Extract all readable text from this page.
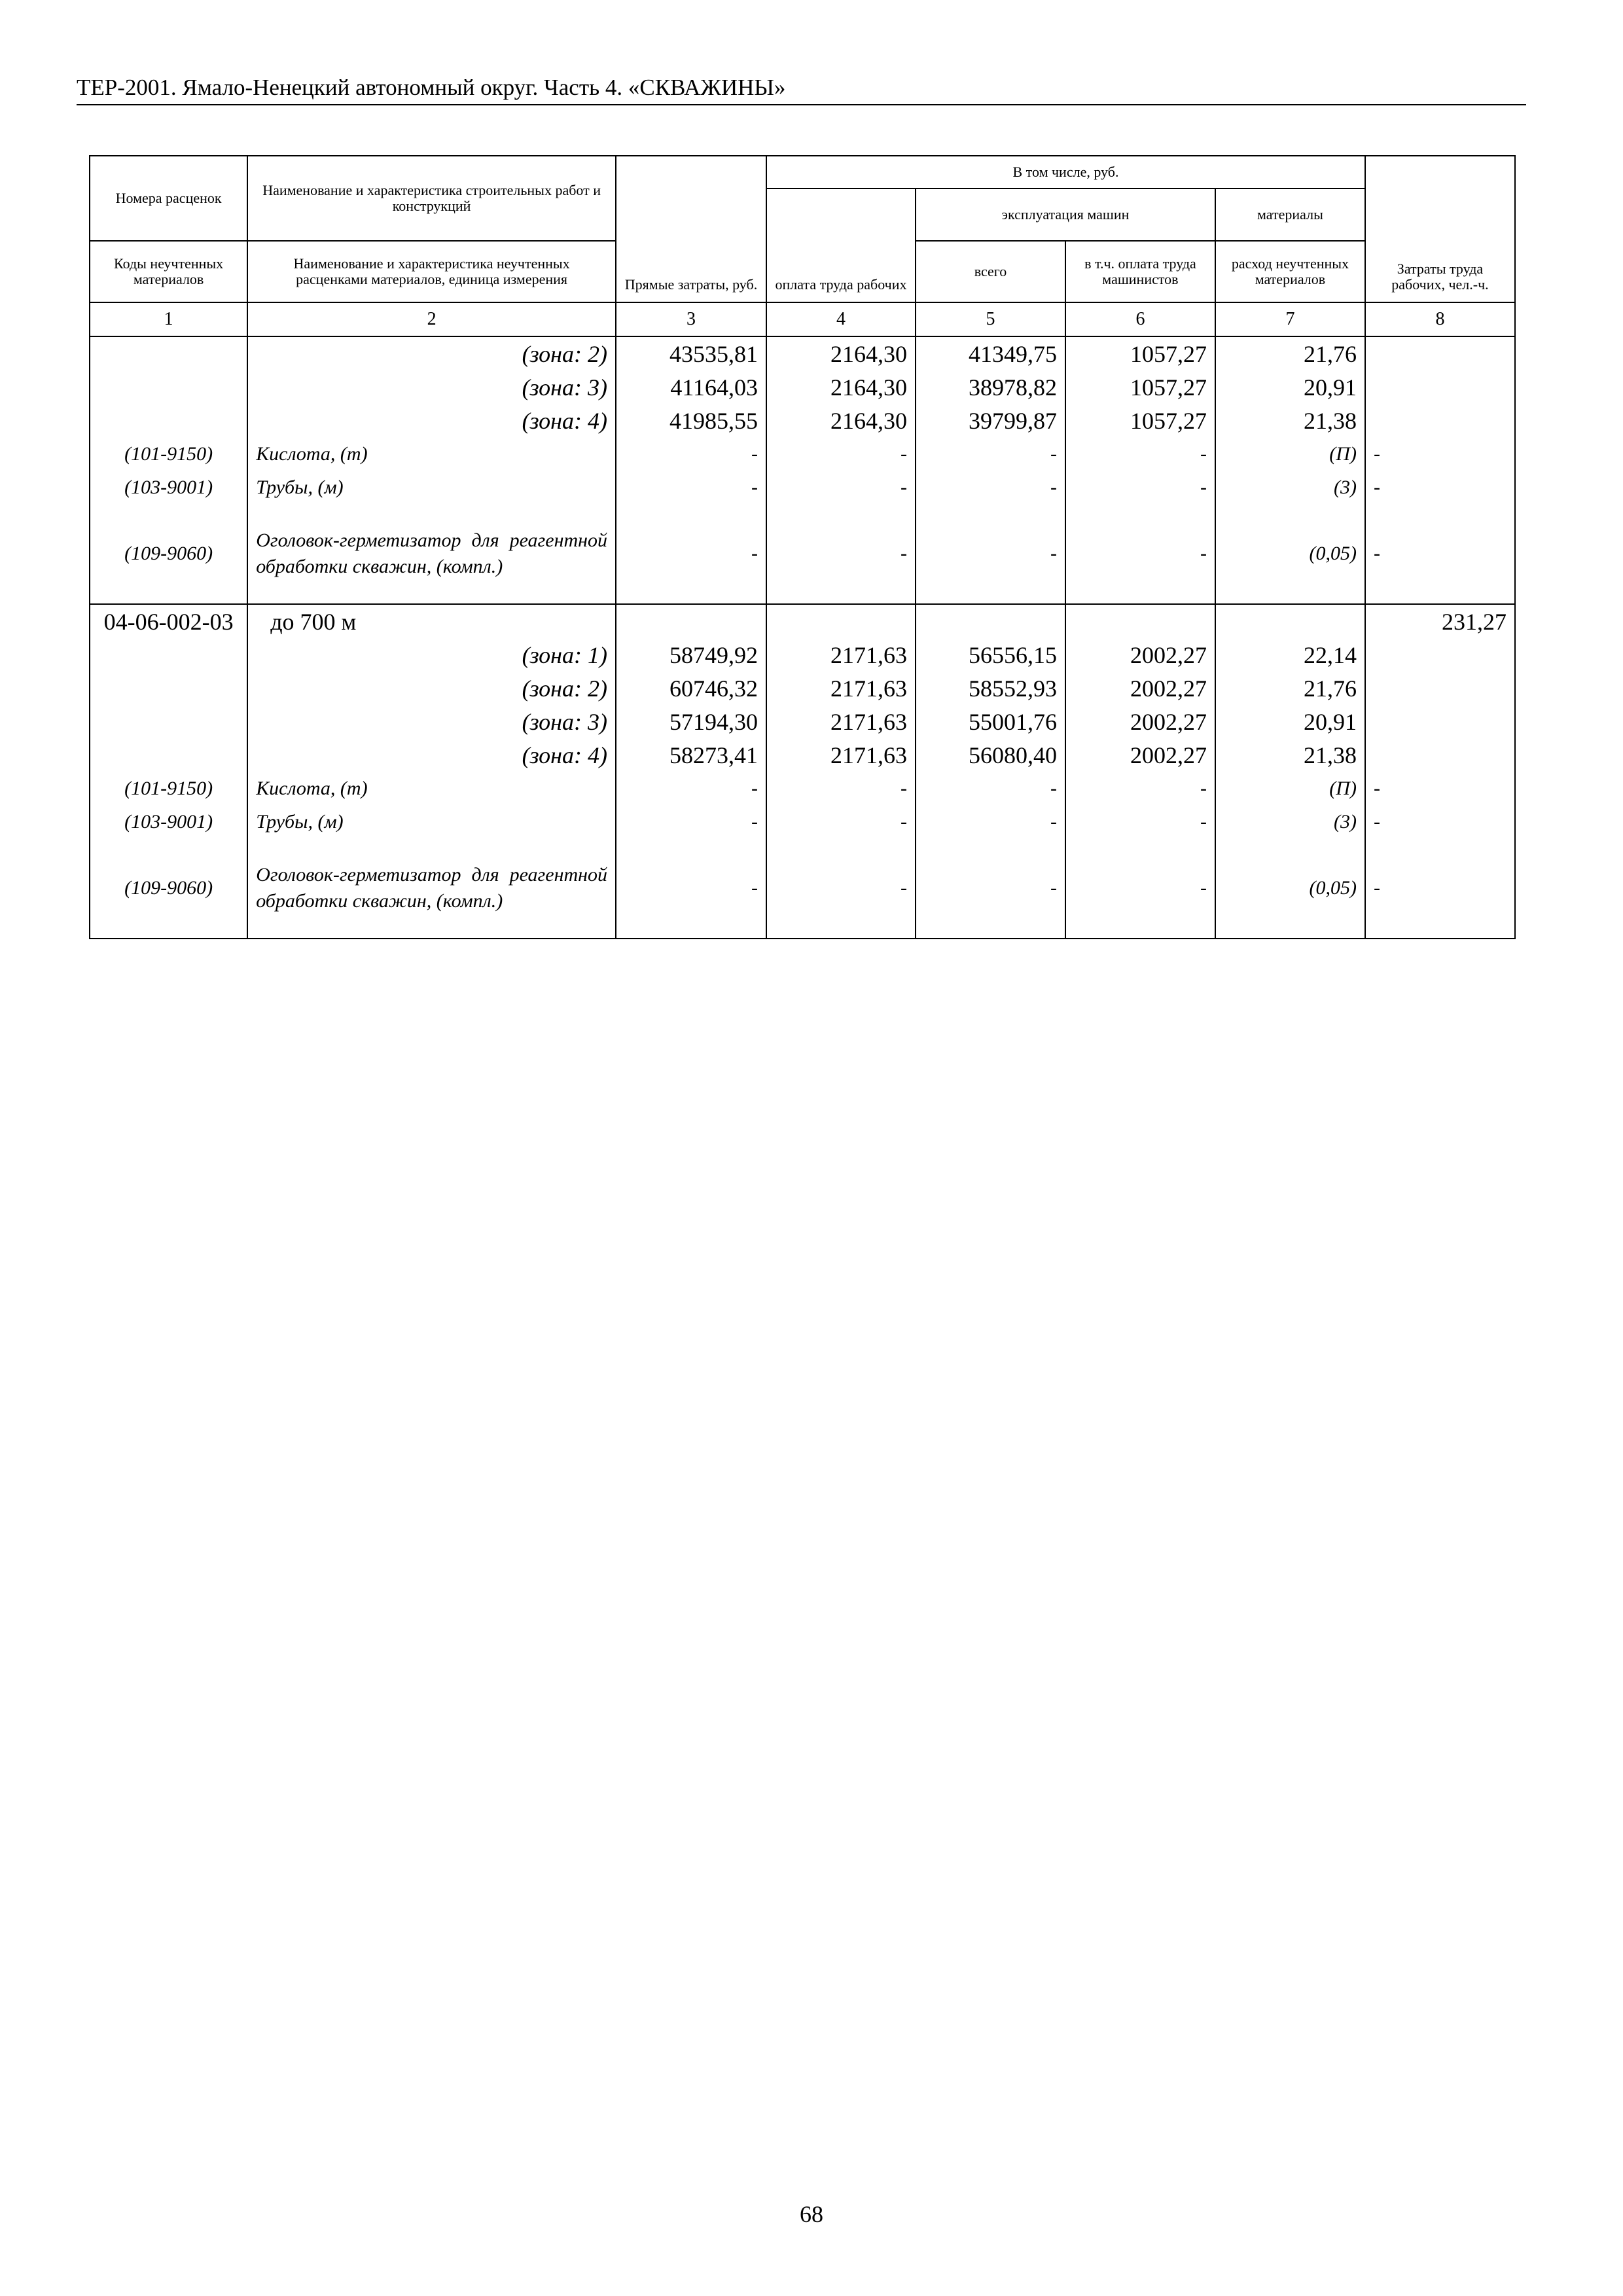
ТЕР-2001. Ямало-Ненецкий автономный округ. Часть 4. «СКВАЖИНЫ»
Номера расценок	Наименование и характеристика строительных работ и конструкций	Прямые затраты, руб.	В том числе, руб.				Затраты труда рабочих, чел.-ч.
			оплата труда рабочих	эксплуатация машин		материалы	
Коды неучтенных материалов	Наименование и характеристика неучтенных расценками материалов, единица измерения			всего	в т.ч. оплата труда машинистов	расход неучтенных материалов	
1	2	3	4	5	6	7	8
	(зона: 2)	43535,81	2164,30	41349,75	1057,27	21,76	
	(зона: 3)	41164,03	2164,30	38978,82	1057,27	20,91	
	(зона: 4)	41985,55	2164,30	39799,87	1057,27	21,38	
(101-9150)	Кислота, (т)	-	-	-	-	(П)	-
(103-9001)	Трубы, (м)	-	-	-	-	(3)	-
(109-9060)	Оголовок-герметизатор для реагентной обработки скважин, (компл.)	-	-	-	-	(0,05)	-
04-06-002-03	до 700 м						231,27
	(зона: 1)	58749,92	2171,63	56556,15	2002,27	22,14	
	(зона: 2)	60746,32	2171,63	58552,93	2002,27	21,76	
	(зона: 3)	57194,30	2171,63	55001,76	2002,27	20,91	
	(зона: 4)	58273,41	2171,63	56080,40	2002,27	21,38	
(101-9150)	Кислота, (т)	-	-	-	-	(П)	-
(103-9001)	Трубы, (м)	-	-	-	-	(3)	-
(109-9060)	Оголовок-герметизатор для реагентной обработки скважин, (компл.)	-	-	-	-	(0,05)	-
68
